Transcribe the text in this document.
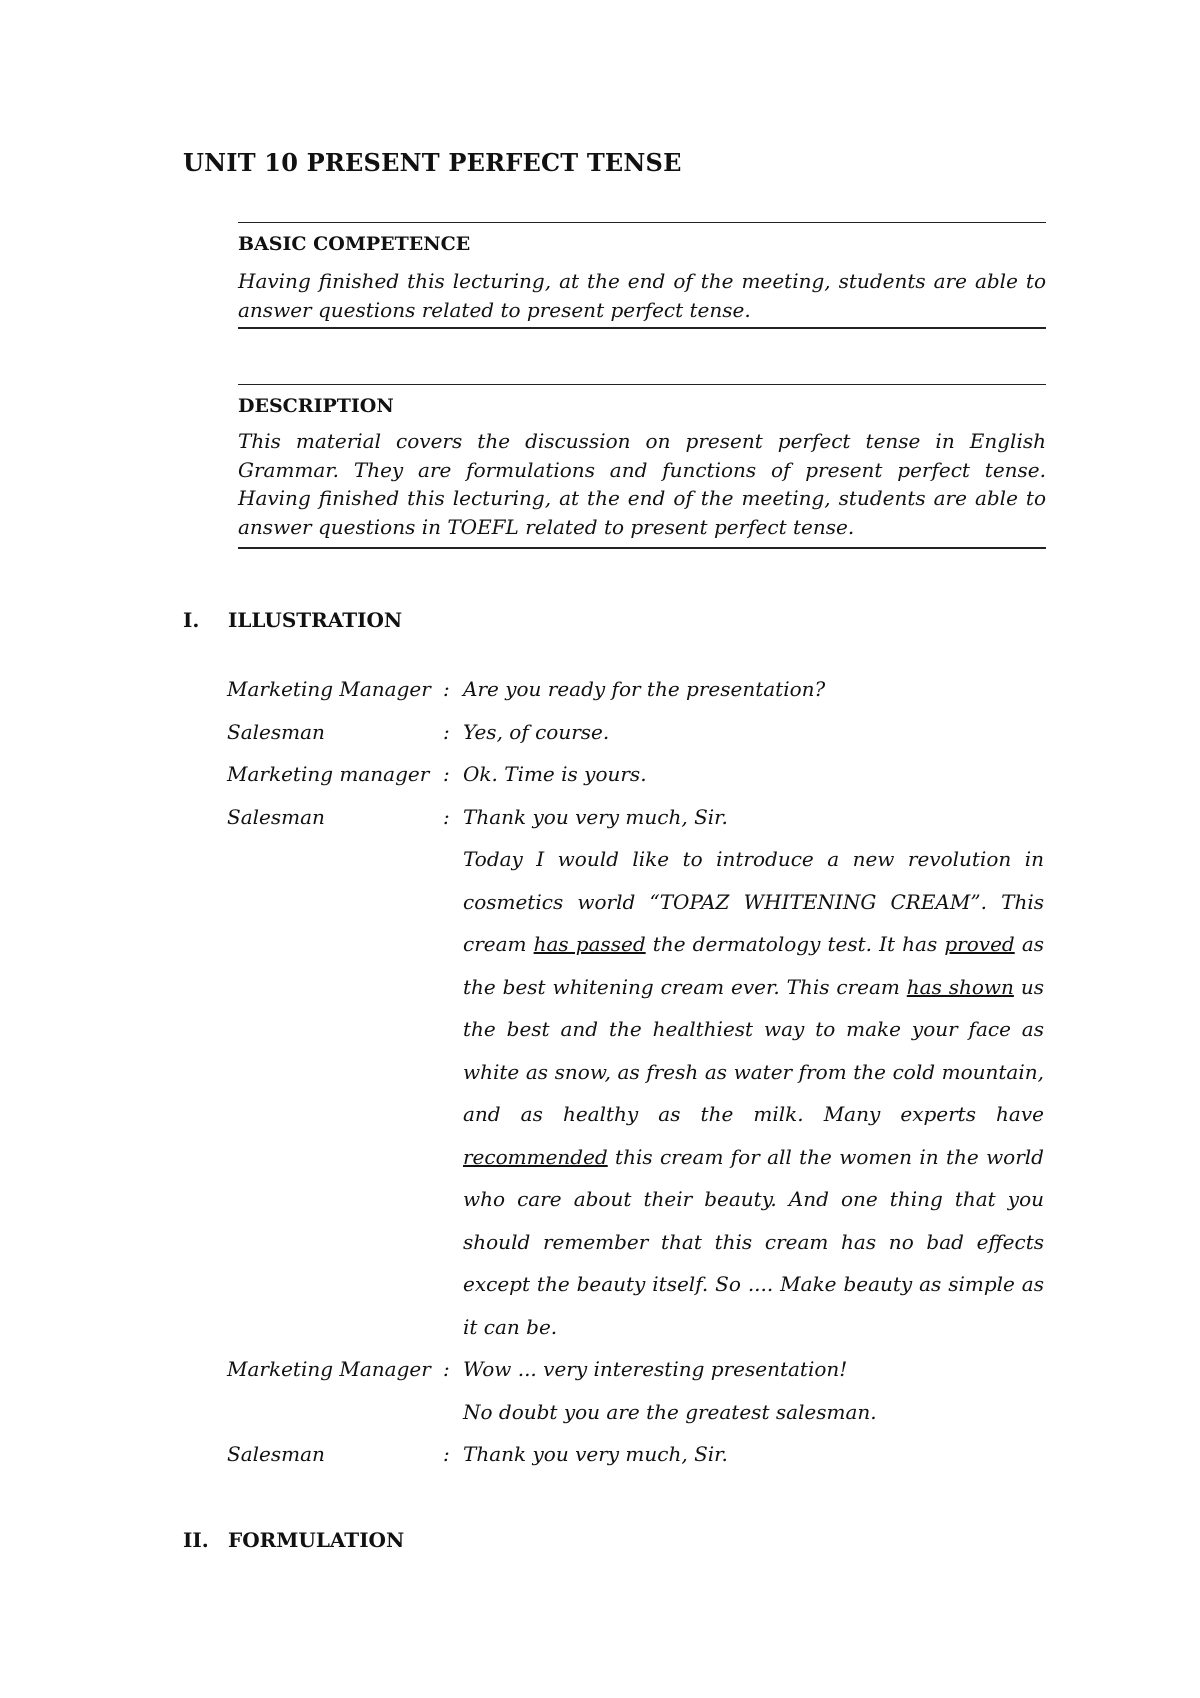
UNIT 10 PRESENT PERFECT TENSE
BASIC COMPETENCE
Having finished this lecturing, at the end of the meeting, students are able to answer questions related to present perfect tense.
DESCRIPTION
This material covers the discussion on present perfect tense in English Grammar. They are formulations and functions of present perfect tense. Having finished this lecturing, at the end of the meeting, students are able to answer questions in TOEFL related to present perfect tense.
I. ILLUSTRATION
Marketing Manager : Are you ready for the presentation?

Salesman	: Yes, of course.

Marketing manager : Ok. Time is yours.

Salesman	: Thank you very much, Sir.

Today I would like to introduce a new revolution in cosmetics world “TOPAZ WHITENING CREAM”. This cream has passed the dermatology test. It has proved as the best whitening cream ever. This cream has shown us the best and the healthiest way to make your face as white as snow, as fresh as water from the cold mountain, and as healthy as the milk. Many experts have recommended this cream for all the women in the world who care about their beauty. And one thing that you should remember that this cream has no bad effects except the beauty itself. So .... Make beauty as simple as it can be.

Marketing Manager : Wow ... very interesting presentation!

No doubt you are the greatest salesman.

Salesman	: Thank you very much, Sir.

II. FORMULATION
